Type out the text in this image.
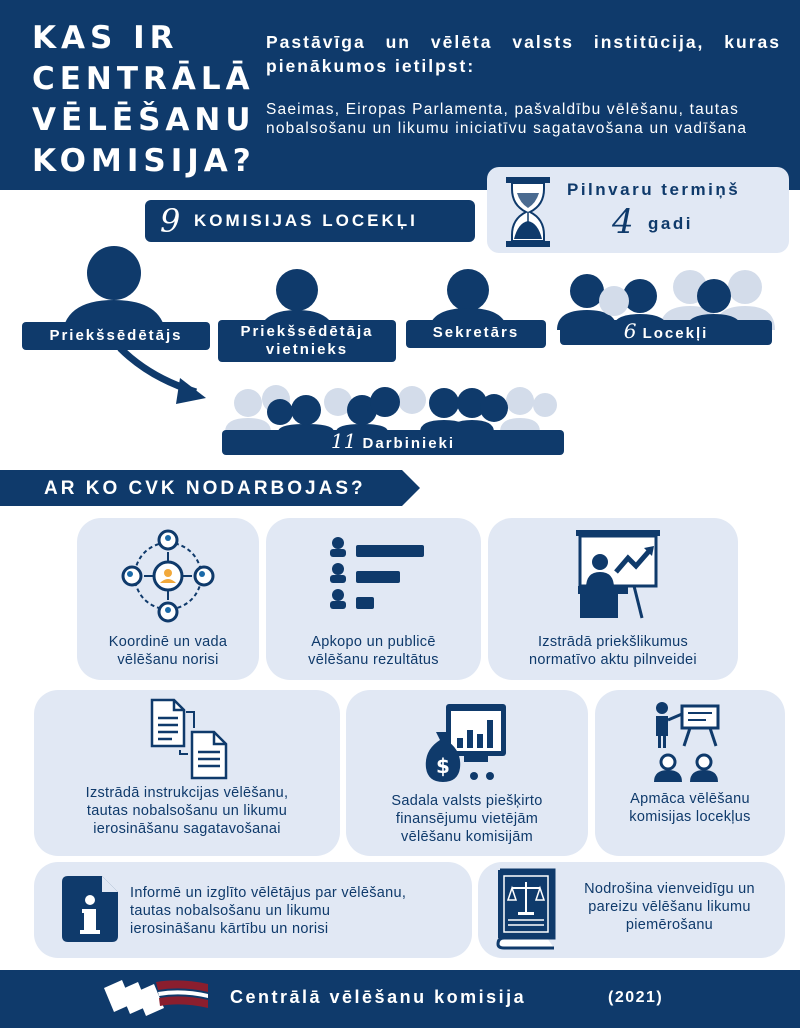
KAS IR
CENTRĀLĀ
VĒLĒŠANU
KOMISIJA?
Pastāvīga un vēlēta valsts institūcija, kuras pienākumos ietilpst:
Saeimas, Eiropas Parlamenta, pašvaldību vēlēšanu, tautas nobalsošanu un likumu iniciatīvu sagatavošana un vadīšana
Pilnvaru termiņš
4 gadi
9 KOMISIJAS LOCEKĻI
Priekšsēdētājs	Priekšsēdētāja
vietnieks
Sekretārs	6 Locekļi
11 Darbinieki
AR KO CVK NODARBOJAS?
Koordinē un vada
vēlēšanu norisi
Apkopo un publicē
vēlēšanu rezultātus
Izstrādā priekšlikumus
normatīvo aktu pilnveidei
Izstrādā instrukcijas vēlēšanu,
tautas nobalsošanu un likumu
ierosināšanu sagatavošanai
$
Sadala valsts piešķirto
finansējumu vietējām
vēlēšanu komisijām
Apmāca vēlēšanu
komisijas locekļus
Informē un izglīto vēlētājus par vēlēšanu,
tautas nobalsošanu un likumu
ierosināšanu kārtību un norisi
Nodrošina vienveidīgu un
pareizu vēlēšanu likumu
piemērošanu
Centrālā vēlēšanu komisija	(2021)
